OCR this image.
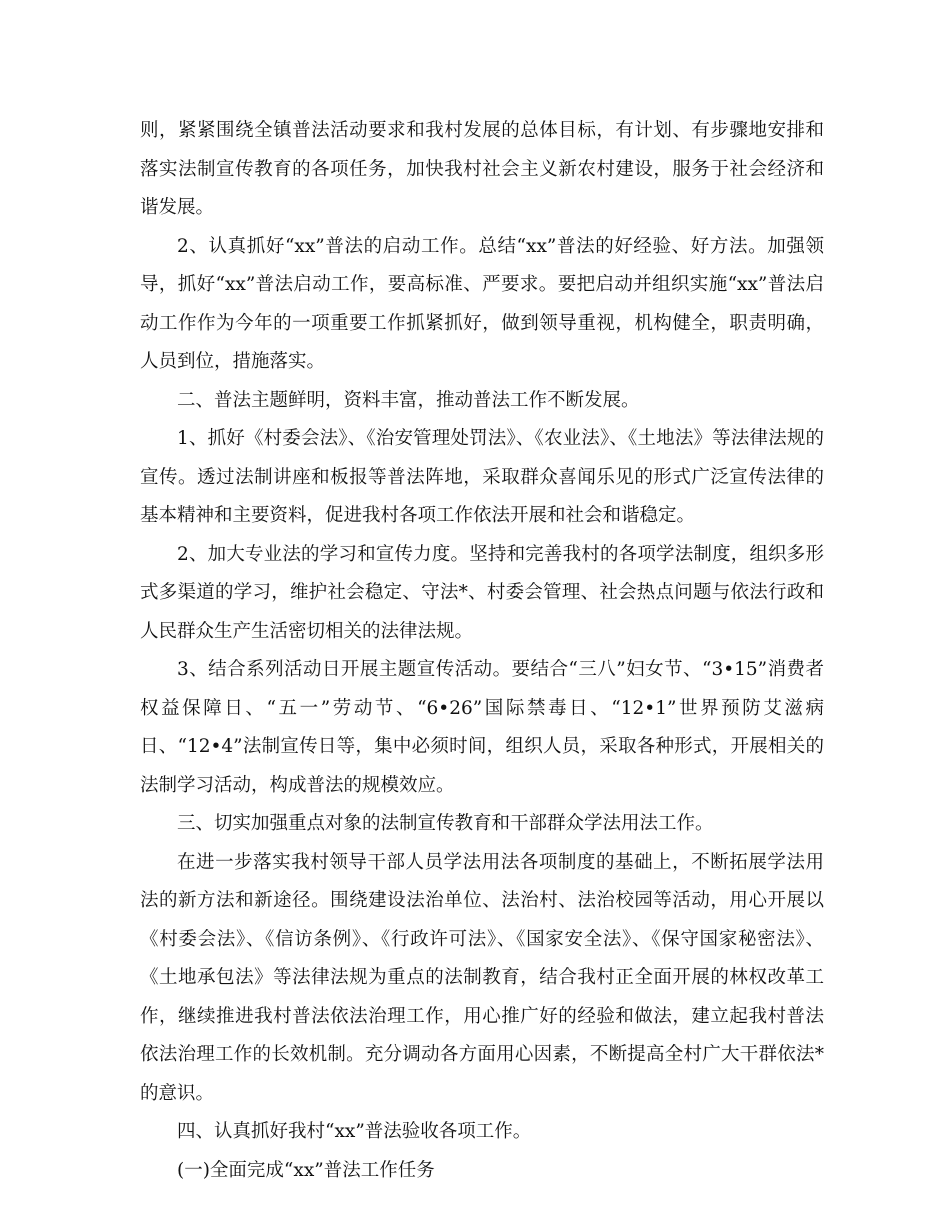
则，紧紧围绕全镇普法活动要求和我村发展的总体目标，有计划、有步骤地安排和落实法制宣传教育的各项任务，加快我村社会主义新农村建设，服务于社会经济和谐发展。

2、认真抓好“xx”普法的启动工作。总结“xx”普法的好经验、好方法。加强领导，抓好“xx”普法启动工作，要高标准、严要求。要把启动并组织实施“xx”普法启动工作作为今年的一项重要工作抓紧抓好，做到领导重视，机构健全，职责明确，人员到位，措施落实。

二、普法主题鲜明，资料丰富，推动普法工作不断发展。

1、抓好《村委会法》、《治安管理处罚法》、《农业法》、《土地法》等法律法规的宣传。透过法制讲座和板报等普法阵地，采取群众喜闻乐见的形式广泛宣传法律的基本精神和主要资料，促进我村各项工作依法开展和社会和谐稳定。

2、加大专业法的学习和宣传力度。坚持和完善我村的各项学法制度，组织多形式多渠道的学习，维护社会稳定、守法*、村委会管理、社会热点问题与依法行政和人民群众生产生活密切相关的法律法规。

3、结合系列活动日开展主题宣传活动。要结合“三八”妇女节、“3•15”消费者权益保障日、“五一”劳动节、“6•26”国际禁毒日、“12•1”世界预防艾滋病日、“12•4”法制宣传日等，集中必须时间，组织人员，采取各种形式，开展相关的法制学习活动，构成普法的规模效应。

三、切实加强重点对象的法制宣传教育和干部群众学法用法工作。

在进一步落实我村领导干部人员学法用法各项制度的基础上，不断拓展学法用法的新方法和新途径。围绕建设法治单位、法治村、法治校园等活动，用心开展以《村委会法》、《信访条例》、《行政许可法》、《国家安全法》、《保守国家秘密法》、《土地承包法》等法律法规为重点的法制教育，结合我村正全面开展的林权改革工作，继续推进我村普法依法治理工作，用心推广好的经验和做法，建立起我村普法依法治理工作的长效机制。充分调动各方面用心因素，不断提高全村广大干群依法*的意识。

四、认真抓好我村“xx”普法验收各项工作。

(一)全面完成“xx”普法工作任务
